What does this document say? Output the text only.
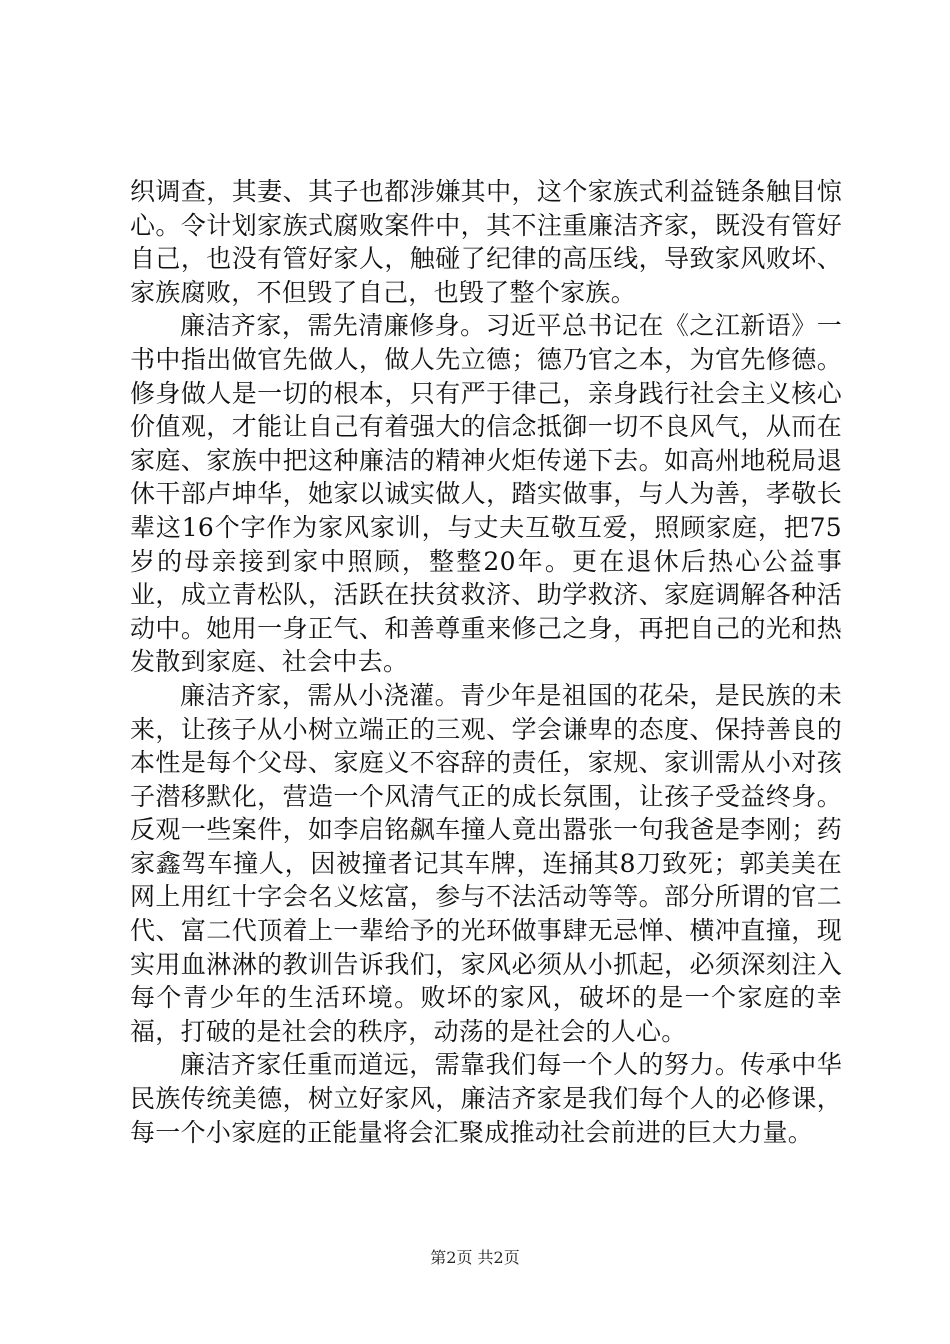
织调查，其妻、其子也都涉嫌其中，这个家族式利益链条触目惊心。令计划家族式腐败案件中，其不注重廉洁齐家，既没有管好自己，也没有管好家人，触碰了纪律的高压线，导致家风败坏、家族腐败，不但毁了自己，也毁了整个家族。

廉洁齐家，需先清廉修身。习近平总书记在《之江新语》一书中指出做官先做人，做人先立德；德乃官之本，为官先修德。修身做人是一切的根本，只有严于律己，亲身践行社会主义核心价值观，才能让自己有着强大的信念抵御一切不良风气，从而在家庭、家族中把这种廉洁的精神火炬传递下去。如高州地税局退休干部卢坤华，她家以诚实做人，踏实做事，与人为善，孝敬长辈这16个字作为家风家训，与丈夫互敬互爱，照顾家庭，把75岁的母亲接到家中照顾，整整20年。更在退休后热心公益事业，成立青松队，活跃在扶贫救济、助学救济、家庭调解各种活动中。她用一身正气、和善尊重来修己之身，再把自己的光和热发散到家庭、社会中去。

廉洁齐家，需从小浇灌。青少年是祖国的花朵，是民族的未来，让孩子从小树立端正的三观、学会谦卑的态度、保持善良的本性是每个父母、家庭义不容辞的责任，家规、家训需从小对孩子潜移默化，营造一个风清气正的成长氛围，让孩子受益终身。反观一些案件，如李启铭飙车撞人竟出嚣张一句我爸是李刚；药家鑫驾车撞人，因被撞者记其车牌，连捅其8刀致死；郭美美在网上用红十字会名义炫富，参与不法活动等等。部分所谓的官二代、富二代顶着上一辈给予的光环做事肆无忌惮、横冲直撞，现实用血淋淋的教训告诉我们，家风必须从小抓起，必须深刻注入每个青少年的生活环境。败坏的家风，破坏的是一个家庭的幸福，打破的是社会的秩序，动荡的是社会的人心。

廉洁齐家任重而道远，需靠我们每一个人的努力。传承中华民族传统美德，树立好家风，廉洁齐家是我们每个人的必修课，每一个小家庭的正能量将会汇聚成推动社会前进的巨大力量。

第2页 共2页
